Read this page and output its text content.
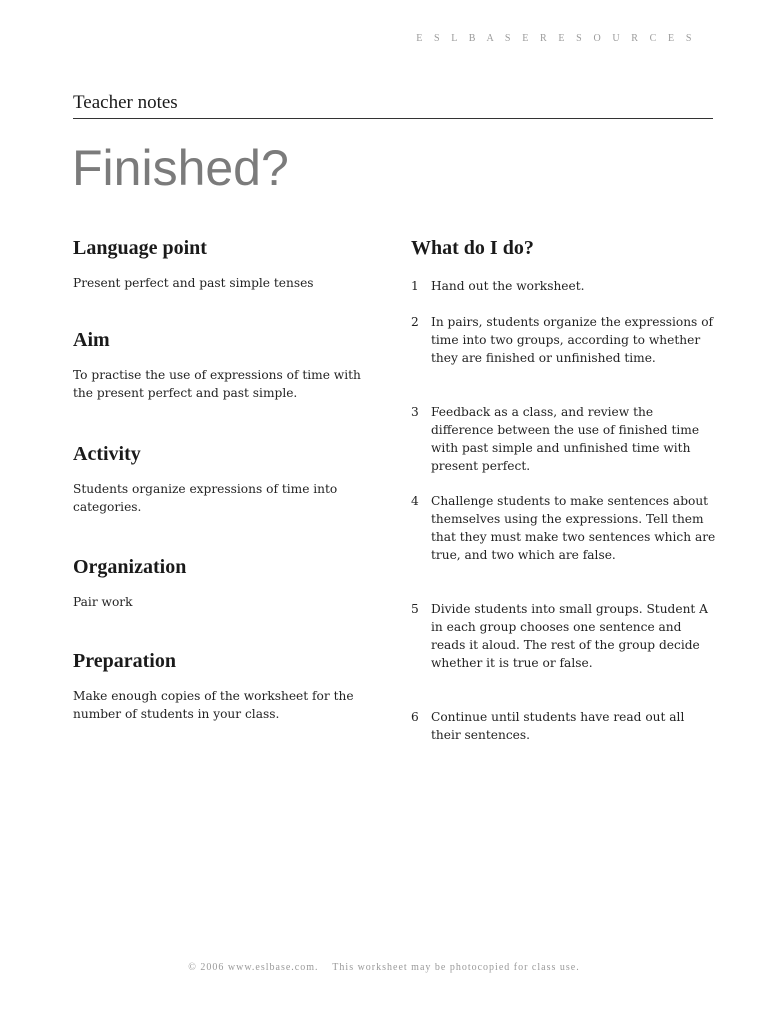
E S L B A S E R E S O U R C E S
Teacher notes
Finished?
Language point

Present perfect and past simple tenses

Aim

To practise the use of expressions of time with the present perfect and past simple.

Activity

Students organize expressions of time into categories.

Organization

Pair work

Preparation

Make enough copies of the worksheet for the number of students in your class.

What do I do?
1	Hand out the worksheet.
2	In pairs, students organize the expressions of time into two groups, according to whether they are finished or unfinished time.
3	Feedback as a class, and review the difference between the use of finished time with past simple and unfinished time with present perfect.
4	Challenge students to make sentences about themselves using the expressions. Tell them that they must make two sentences which are true, and two which are false.
5	Divide students into small groups. Student A in each group chooses one sentence and reads it aloud. The rest of the group decide whether it is true or false.
6	Continue until students have read out all their sentences.
© 2006 www.eslbase.com.    This worksheet may be photocopied for class use.
